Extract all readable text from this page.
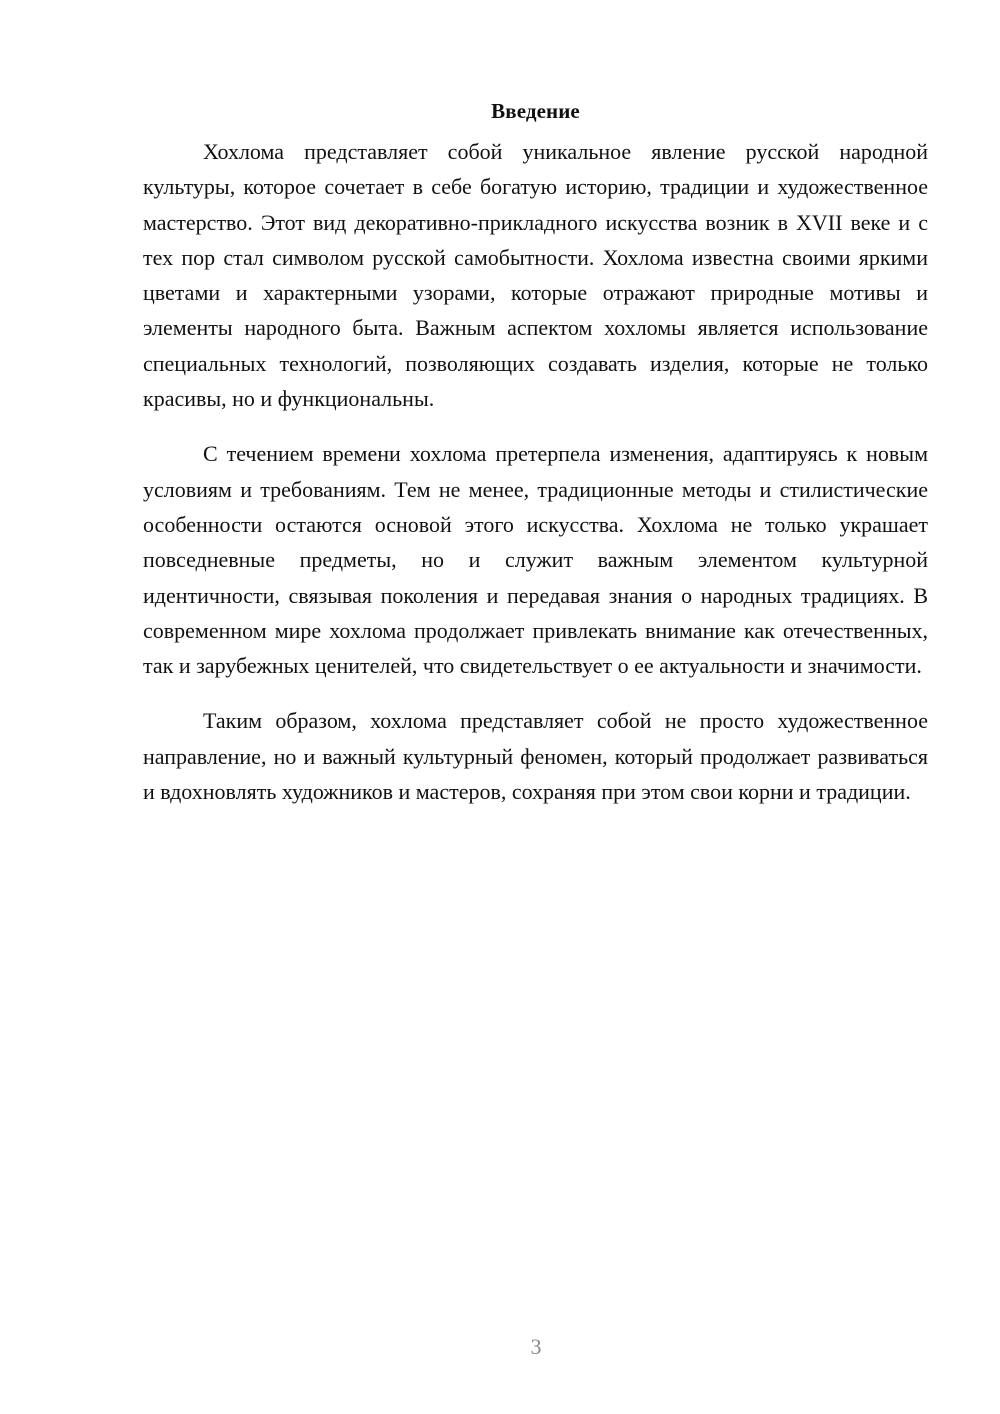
Введение

Хохлома представляет собой уникальное явление русской народной культуры, которое сочетает в себе богатую историю, традиции и художественное мастерство. Этот вид декоративно-прикладного искусства возник в XVII веке и с тех пор стал символом русской самобытности. Хохлома известна своими яркими цветами и характерными узорами, которые отражают природные мотивы и элементы народного быта. Важным аспектом хохломы является использование специальных технологий, позволяющих создавать изделия, которые не только красивы, но и функциональны.

С течением времени хохлома претерпела изменения, адаптируясь к новым условиям и требованиям. Тем не менее, традиционные методы и стилистические особенности остаются основой этого искусства. Хохлома не только украшает повседневные предметы, но и служит важным элементом культурной идентичности, связывая поколения и передавая знания о народных традициях. В современном мире хохлома продолжает привлекать внимание как отечественных, так и зарубежных ценителей, что свидетельствует о ее актуальности и значимости.

Таким образом, хохлома представляет собой не просто художественное направление, но и важный культурный феномен, который продолжает развиваться и вдохновлять художников и мастеров, сохраняя при этом свои корни и традиции.

3
